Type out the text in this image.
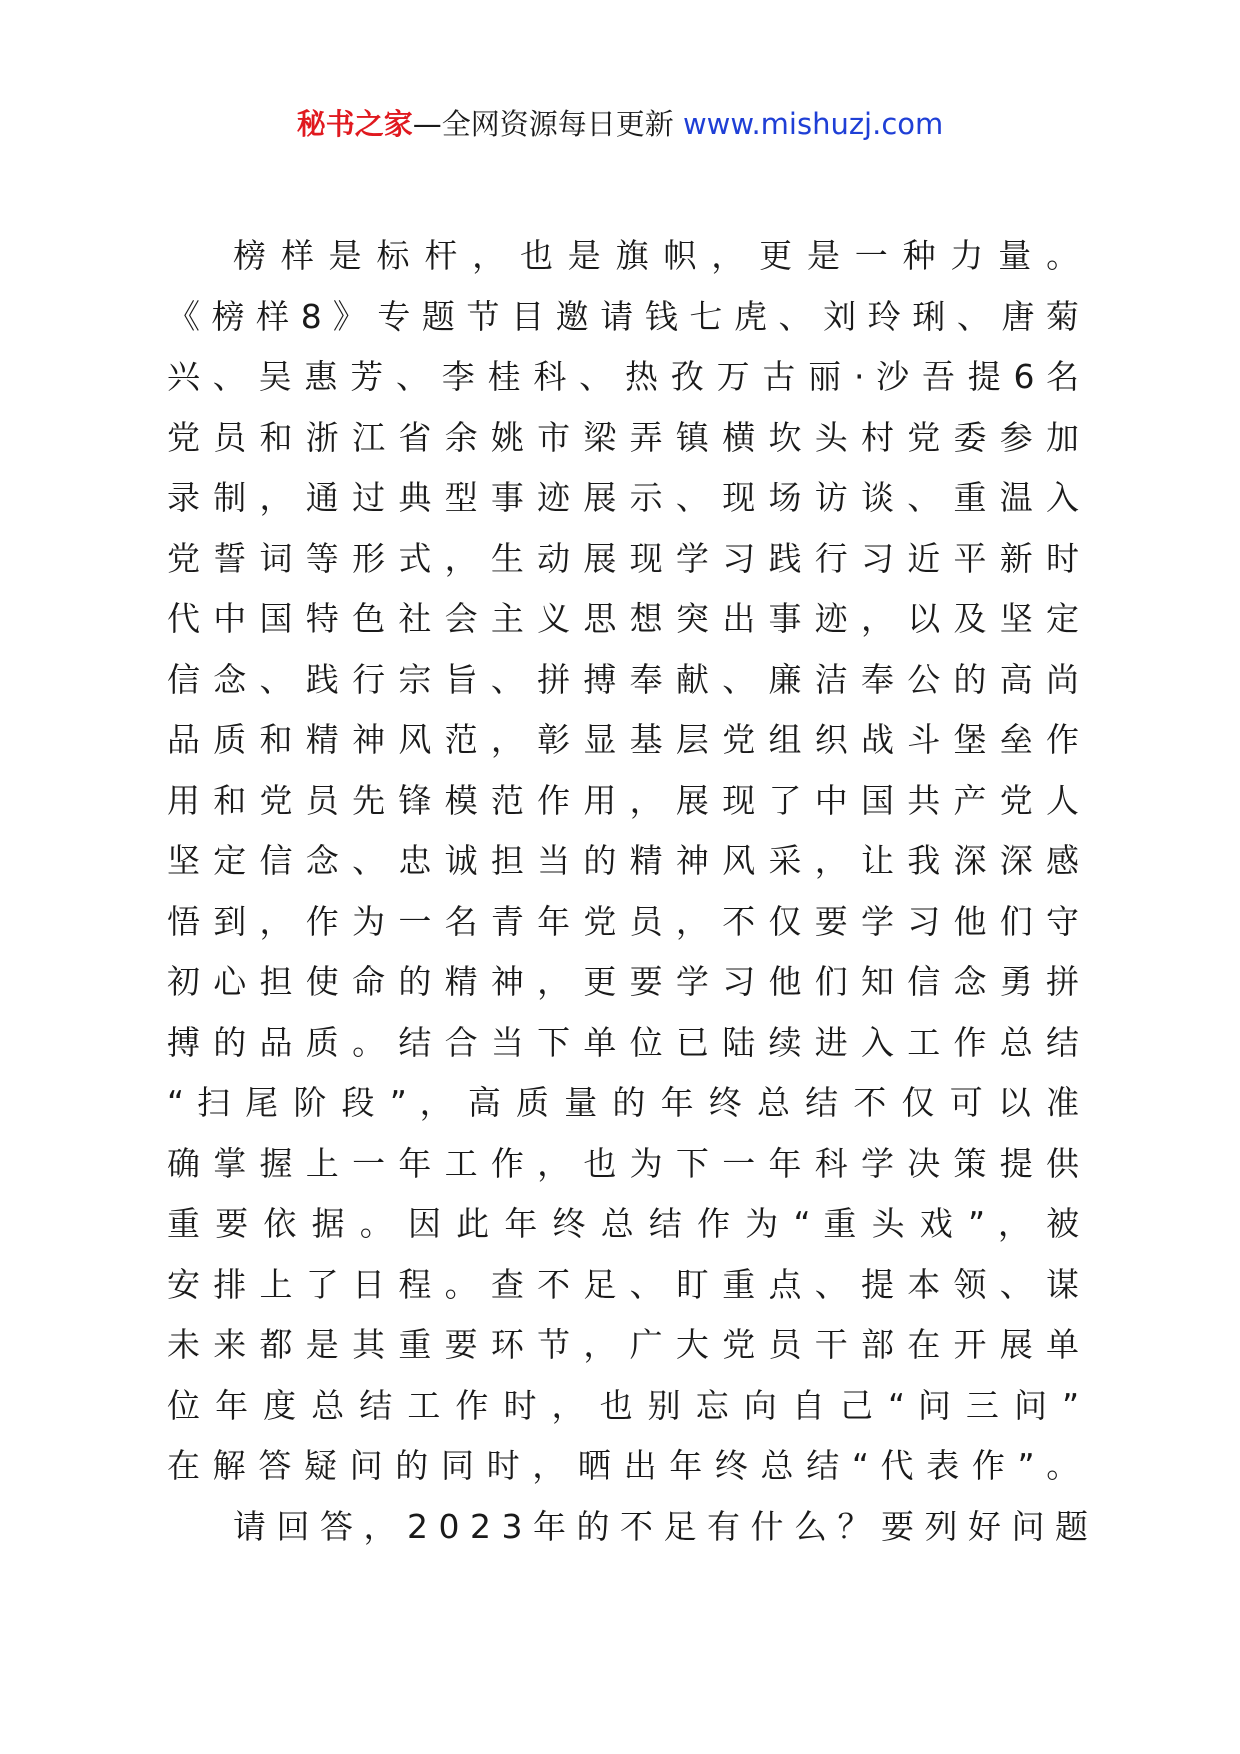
秘书之家—全网资源每日更新 www.mishuzj.com
榜 样 是 标 杆 ， 也 是 旗 帜 ， 更 是 一 种 力 量 。
《 榜 样 8 》 专 题 节 目 邀 请 钱 七 虎 、 刘 玲 琍 、 唐 菊
兴 、 吴 惠 芳 、 李 桂 科 、 热 孜 万 古 丽 · 沙 吾 提 6 名
党 员 和 浙 江 省 余 姚 市 梁 弄 镇 横 坎 头 村 党 委 参 加
录 制 ， 通 过 典 型 事 迹 展 示 、 现 场 访 谈 、 重 温 入
党 誓 词 等 形 式 ， 生 动 展 现 学 习 践 行 习 近 平 新 时
代 中 国 特 色 社 会 主 义 思 想 突 出 事 迹 ， 以 及 坚 定
信 念 、 践 行 宗 旨 、 拼 搏 奉 献 、 廉 洁 奉 公 的 高 尚
品 质 和 精 神 风 范 ， 彰 显 基 层 党 组 织 战 斗 堡 垒 作
用 和 党 员 先 锋 模 范 作 用 ， 展 现 了 中 国 共 产 党 人
坚 定 信 念 、 忠 诚 担 当 的 精 神 风 采 ， 让 我 深 深 感
悟 到 ， 作 为 一 名 青 年 党 员 ， 不 仅 要 学 习 他 们 守
初 心 担 使 命 的 精 神 ， 更 要 学 习 他 们 知 信 念 勇 拼
搏 的 品 质 。 结 合 当 下 单 位 已 陆 续 进 入 工 作 总 结
“ 扫 尾 阶 段 ” ， 高 质 量 的 年 终 总 结 不 仅 可 以 准
确 掌 握 上 一 年 工 作 ， 也 为 下 一 年 科 学 决 策 提 供
重 要 依 据 。 因 此 年 终 总 结 作 为 “ 重 头 戏 ” ， 被
安 排 上 了 日 程 。 查 不 足 、 盯 重 点 、 提 本 领 、 谋
未 来 都 是 其 重 要 环 节 ， 广 大 党 员 干 部 在 开 展 单
位 年 度 总 结 工 作 时 ， 也 别 忘 向 自 己 “ 问 三 问 ”
在 解 答 疑 问 的 同 时 ， 晒 出 年 终 总 结 “ 代 表 作 ” 。
请 回 答 ， 2 0 2 3 年 的 不 足 有 什 么 ？ 要 列 好 问 题
